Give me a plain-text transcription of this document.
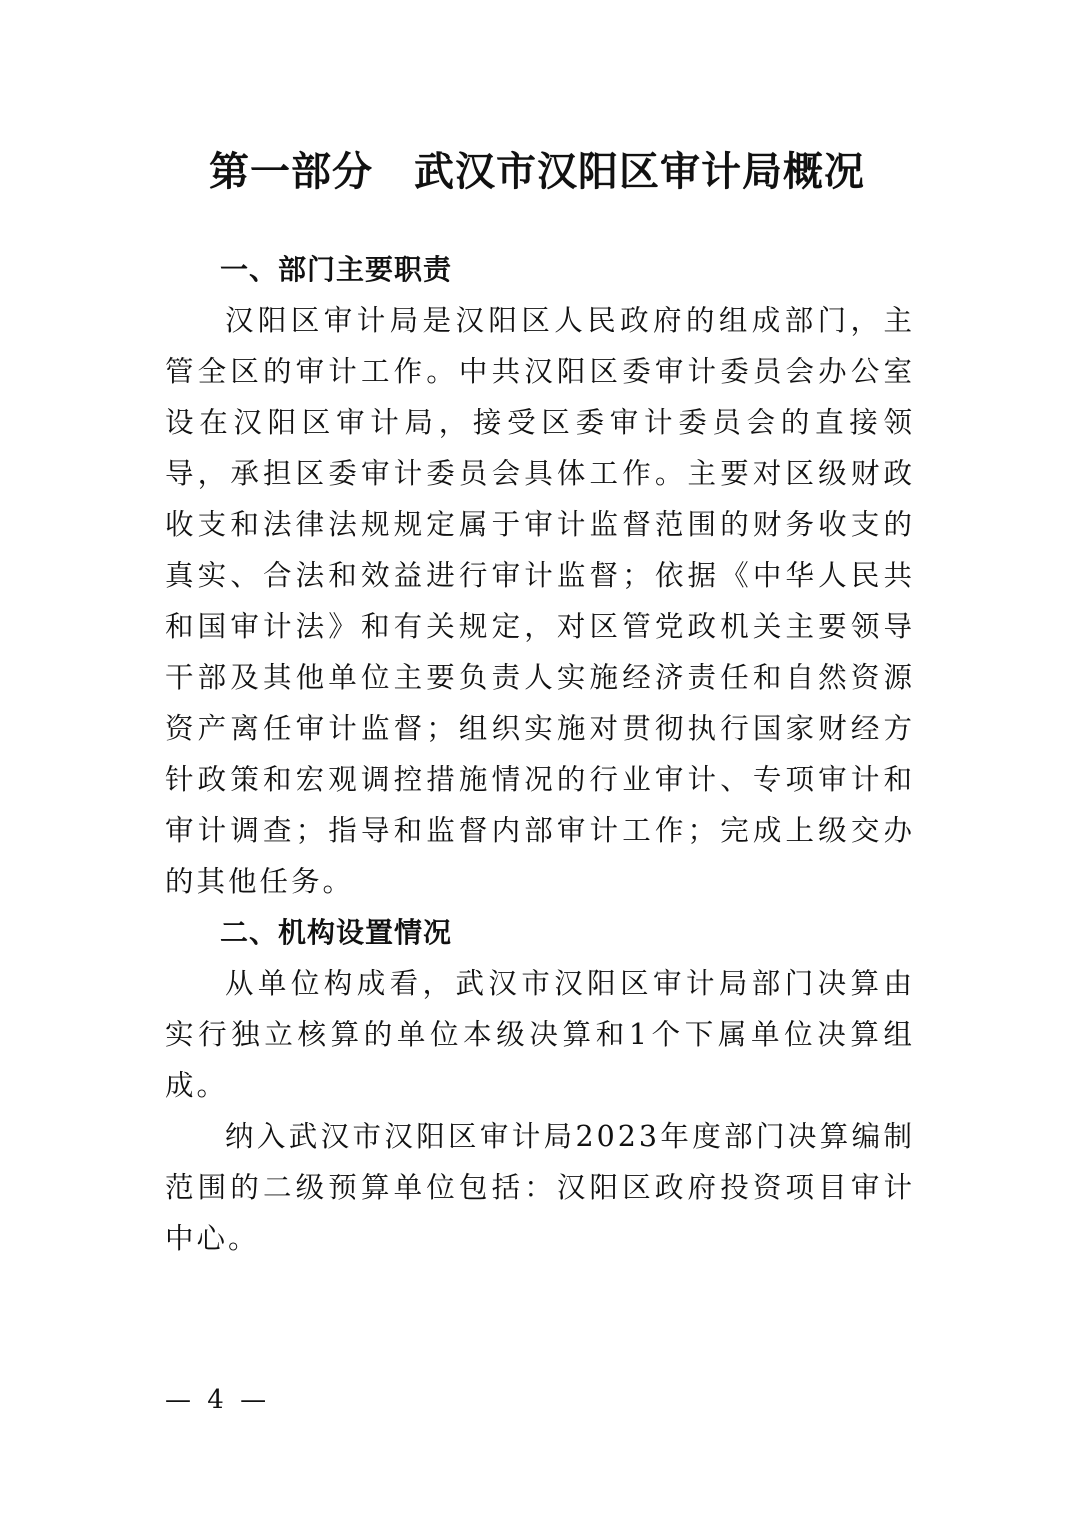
第一部分　武汉市汉阳区审计局概况
一、部门主要职责

汉阳区审计局是汉阳区人民政府的组成部门，主管全区的审计工作。中共汉阳区委审计委员会办公室设在汉阳区审计局，接受区委审计委员会的直接领导，承担区委审计委员会具体工作。主要对区级财政收支和法律法规规定属于审计监督范围的财务收支的真实、合法和效益进行审计监督；依据《中华人民共和国审计法》和有关规定，对区管党政机关主要领导干部及其他单位主要负责人实施经济责任和自然资源资产离任审计监督；组织实施对贯彻执行国家财经方针政策和宏观调控措施情况的行业审计、专项审计和审计调查；指导和监督内部审计工作；完成上级交办的其他任务。

二、机构设置情况

从单位构成看，武汉市汉阳区审计局部门决算由实行独立核算的单位本级决算和1个下属单位决算组成。

纳入武汉市汉阳区审计局2023年度部门决算编制范围的二级预算单位包括：汉阳区政府投资项目审计中心。

— 4 —
